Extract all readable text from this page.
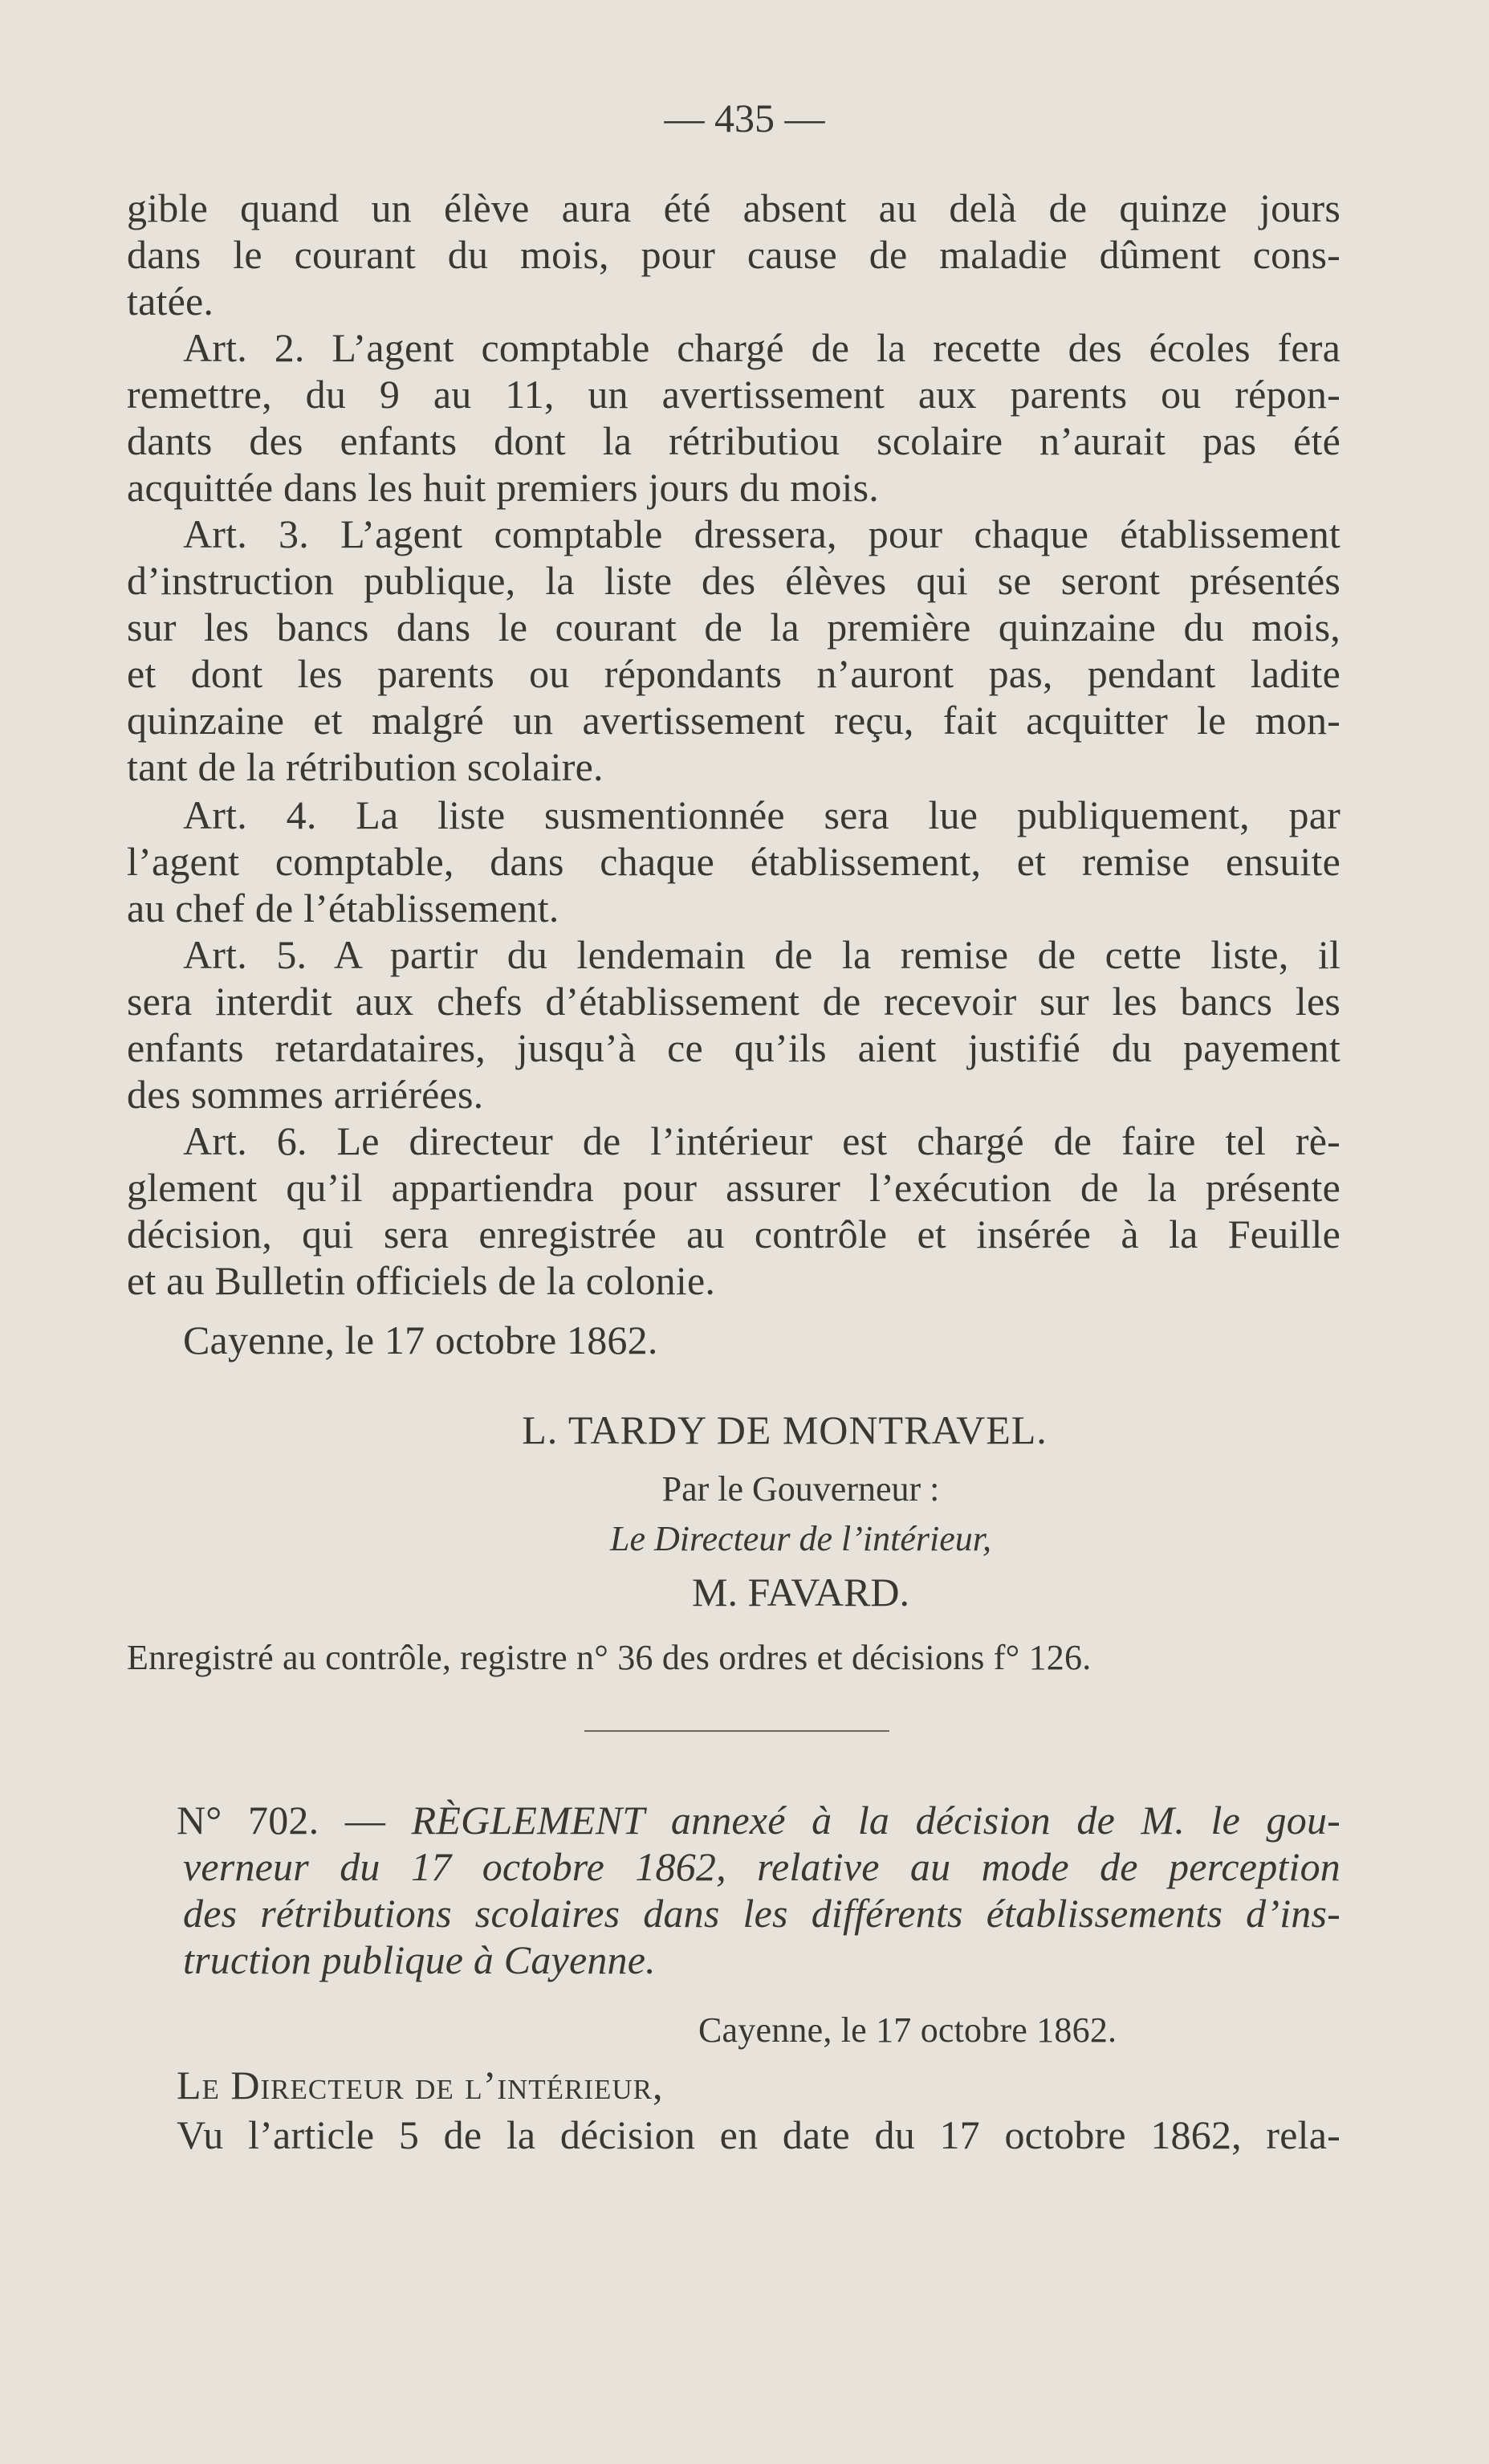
— 435 —
gible quand un élève aura été absent au delà de quinze jours
dans le courant du mois, pour cause de maladie dûment cons-
tatée.
Art. 2. L’agent comptable chargé de la recette des écoles fera
remettre, du 9 au 11, un avertissement aux parents ou répon-
dants des enfants dont la rétributiou scolaire n’aurait pas été
acquittée dans les huit premiers jours du mois.
Art. 3. L’agent comptable dressera, pour chaque établissement
d’instruction publique, la liste des élèves qui se seront présentés
sur les bancs dans le courant de la première quinzaine du mois,
et dont les parents ou répondants n’auront pas, pendant ladite
quinzaine et malgré un avertissement reçu, fait acquitter le mon-
tant de la rétribution scolaire.
Art. 4. La liste susmentionnée sera lue publiquement, par
l’agent comptable, dans chaque établissement, et remise ensuite
au chef de l’établissement.
Art. 5. A partir du lendemain de la remise de cette liste, il
sera interdit aux chefs d’établissement de recevoir sur les bancs les
enfants retardataires, jusqu’à ce qu’ils aient justifié du payement
des sommes arriérées.
Art. 6. Le directeur de l’intérieur est chargé de faire tel rè-
glement qu’il appartiendra pour assurer l’exécution de la présente
décision, qui sera enregistrée au contrôle et insérée à la Feuille
et au Bulletin officiels de la colonie.
Cayenne, le 17 octobre 1862.
L. TARDY DE MONTRAVEL.
Par le Gouverneur :
Le Directeur de l’intérieur,
M. FAVARD.
Enregistré au contrôle, registre n° 36 des ordres et décisions f° 126.
N° 702. — RÈGLEMENT annexé à la décision de M. le gou-
verneur du 17 octobre 1862, relative au mode de perception
des rétributions scolaires dans les différents établissements d’ins-
truction publique à Cayenne.
Cayenne, le 17 octobre 1862.
Le Directeur de l’intérieur,
Vu l’article 5 de la décision en date du 17 octobre 1862, rela-
